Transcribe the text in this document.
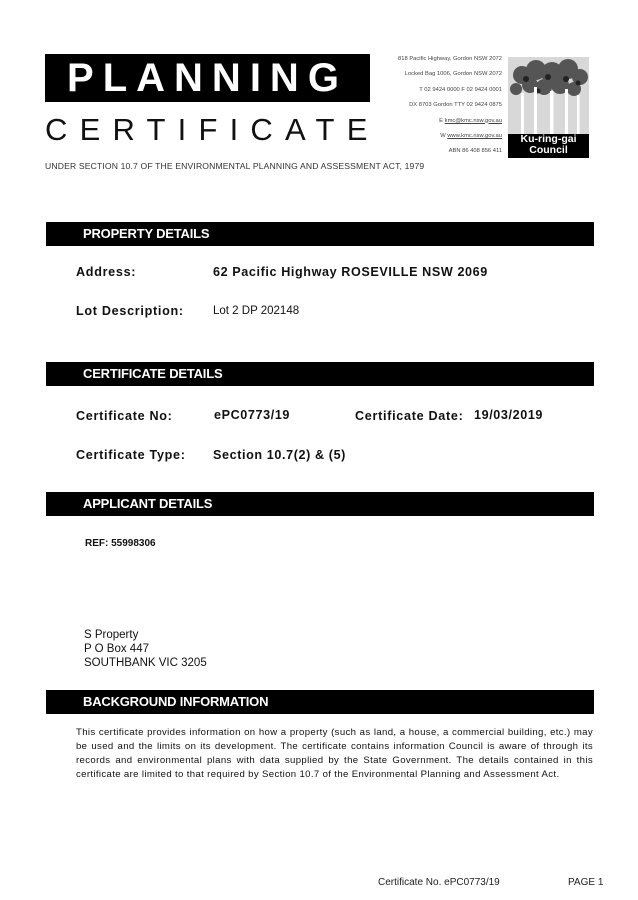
PLANNING
CERTIFICATE
UNDER SECTION 10.7 OF THE ENVIRONMENTAL PLANNING AND ASSESSMENT ACT, 1979
818 Pacific Highway, Gordon NSW 2072
Locked Bag 1006, Gordon NSW 2072
T 02 9424 0000 F 02 9424 0001
DX 8703 Gordon TTY 02 9424 0875
E kmc@kmc.nsw.gov.au
W www.kmc.nsw.gov.au
ABN 86 408 856 411
Ku-ring-gai
Council
PROPERTY DETAILS
Address:	62 Pacific Highway ROSEVILLE NSW 2069
Lot Description:	Lot 2 DP 202148
CERTIFICATE DETAILS
Certificate No:	ePC0773/19	Certificate Date: 19/03/2019
Certificate Type: Section 10.7(2) & (5)
APPLICANT DETAILS
REF: 55998306
S Property
P O Box 447
SOUTHBANK VIC 3205
BACKGROUND INFORMATION
This certificate provides information on how a property (such as land, a house, a commercial building, etc.) may be used and the limits on its development. The certificate contains information Council is aware of through its records and environmental plans with data supplied by the State Government. The details contained in this certificate are limited to that required by Section 10.7 of the Environmental Planning and Assessment Act.
Certificate No. ePC0773/19	PAGE 1
